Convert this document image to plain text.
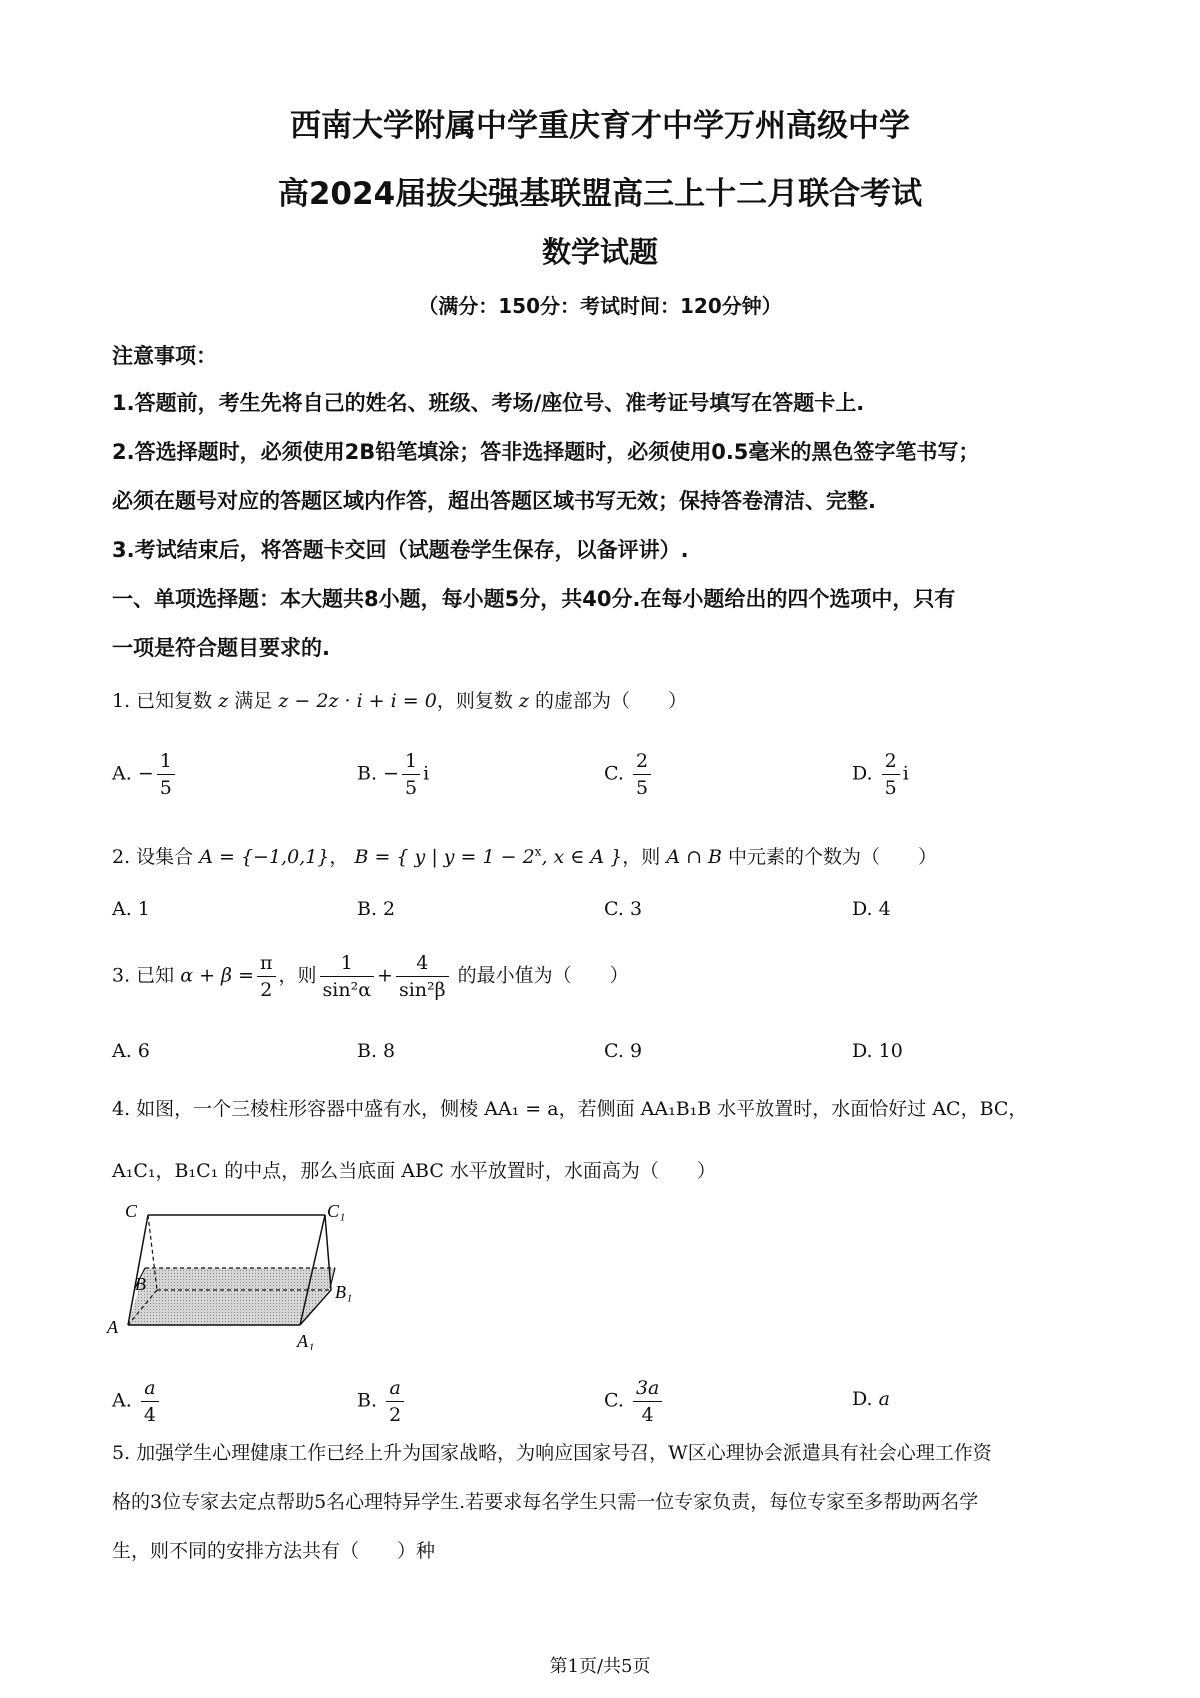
西南大学附属中学重庆育才中学万州高级中学
高2024届拔尖强基联盟高三上十二月联合考试
数学试题
（满分：150分：考试时间：120分钟）
注意事项：
1.答题前，考生先将自己的姓名、班级、考场/座位号、准考证号填写在答题卡上.
2.答选择题时，必须使用2B铅笔填涂；答非选择题时，必须使用0.5毫米的黑色签字笔书写；
必须在题号对应的答题区域内作答，超出答题区域书写无效；保持答卷清洁、完整.
3.考试结束后，将答题卡交回（试题卷学生保存，以备评讲）.
一、单项选择题：本大题共8小题，每小题5分，共40分.在每小题给出的四个选项中，只有
一项是符合题目要求的.
1. 已知复数 z 满足 z − 2z · i + i = 0，则复数 z 的虚部为（　　）
A. − $\frac{1}{5}$	B. − $\frac{1}{5}$ i	C. $\frac{2}{5}$	D. $\frac{2}{5}$ i
2. 设集合 A = {−1,0,1}， B = { y | $y = 1 - 2^x$, x ∈ A }，则 A ∩ B 中元素的个数为（　　）
A. 1	B. 2	C. 3	D. 4
3. 已知 $\alpha + \beta = \frac{\pi}{2}$ ，则 $\frac{1}{\text{sin²α}} + \frac{4}{\text{sin²β}}$ 的最小值为（　　）
A. 6	B. 8	C. 9	D. 10
4. 如图，一个三棱柱形容器中盛有水，侧棱 AA₁ = a，若侧面 AA₁B₁B 水平放置时，水面恰好过 AC，BC，
A₁C₁，B₁C₁ 的中点，那么当底面 ABC 水平放置时，水面高为（　　）
C	C₁
B	B₁
A
A₁
A. $\frac{a}{4}$	B. $\frac{a}{2}$	C. $\frac{3a}{4}$	D. a
5. 加强学生心理健康工作已经上升为国家战略，为响应国家号召，W区心理协会派遣具有社会心理工作资
格的3位专家去定点帮助5名心理特异学生.若要求每名学生只需一位专家负责，每位专家至多帮助两名学
生，则不同的安排方法共有（　　）种
第1页/共5页
